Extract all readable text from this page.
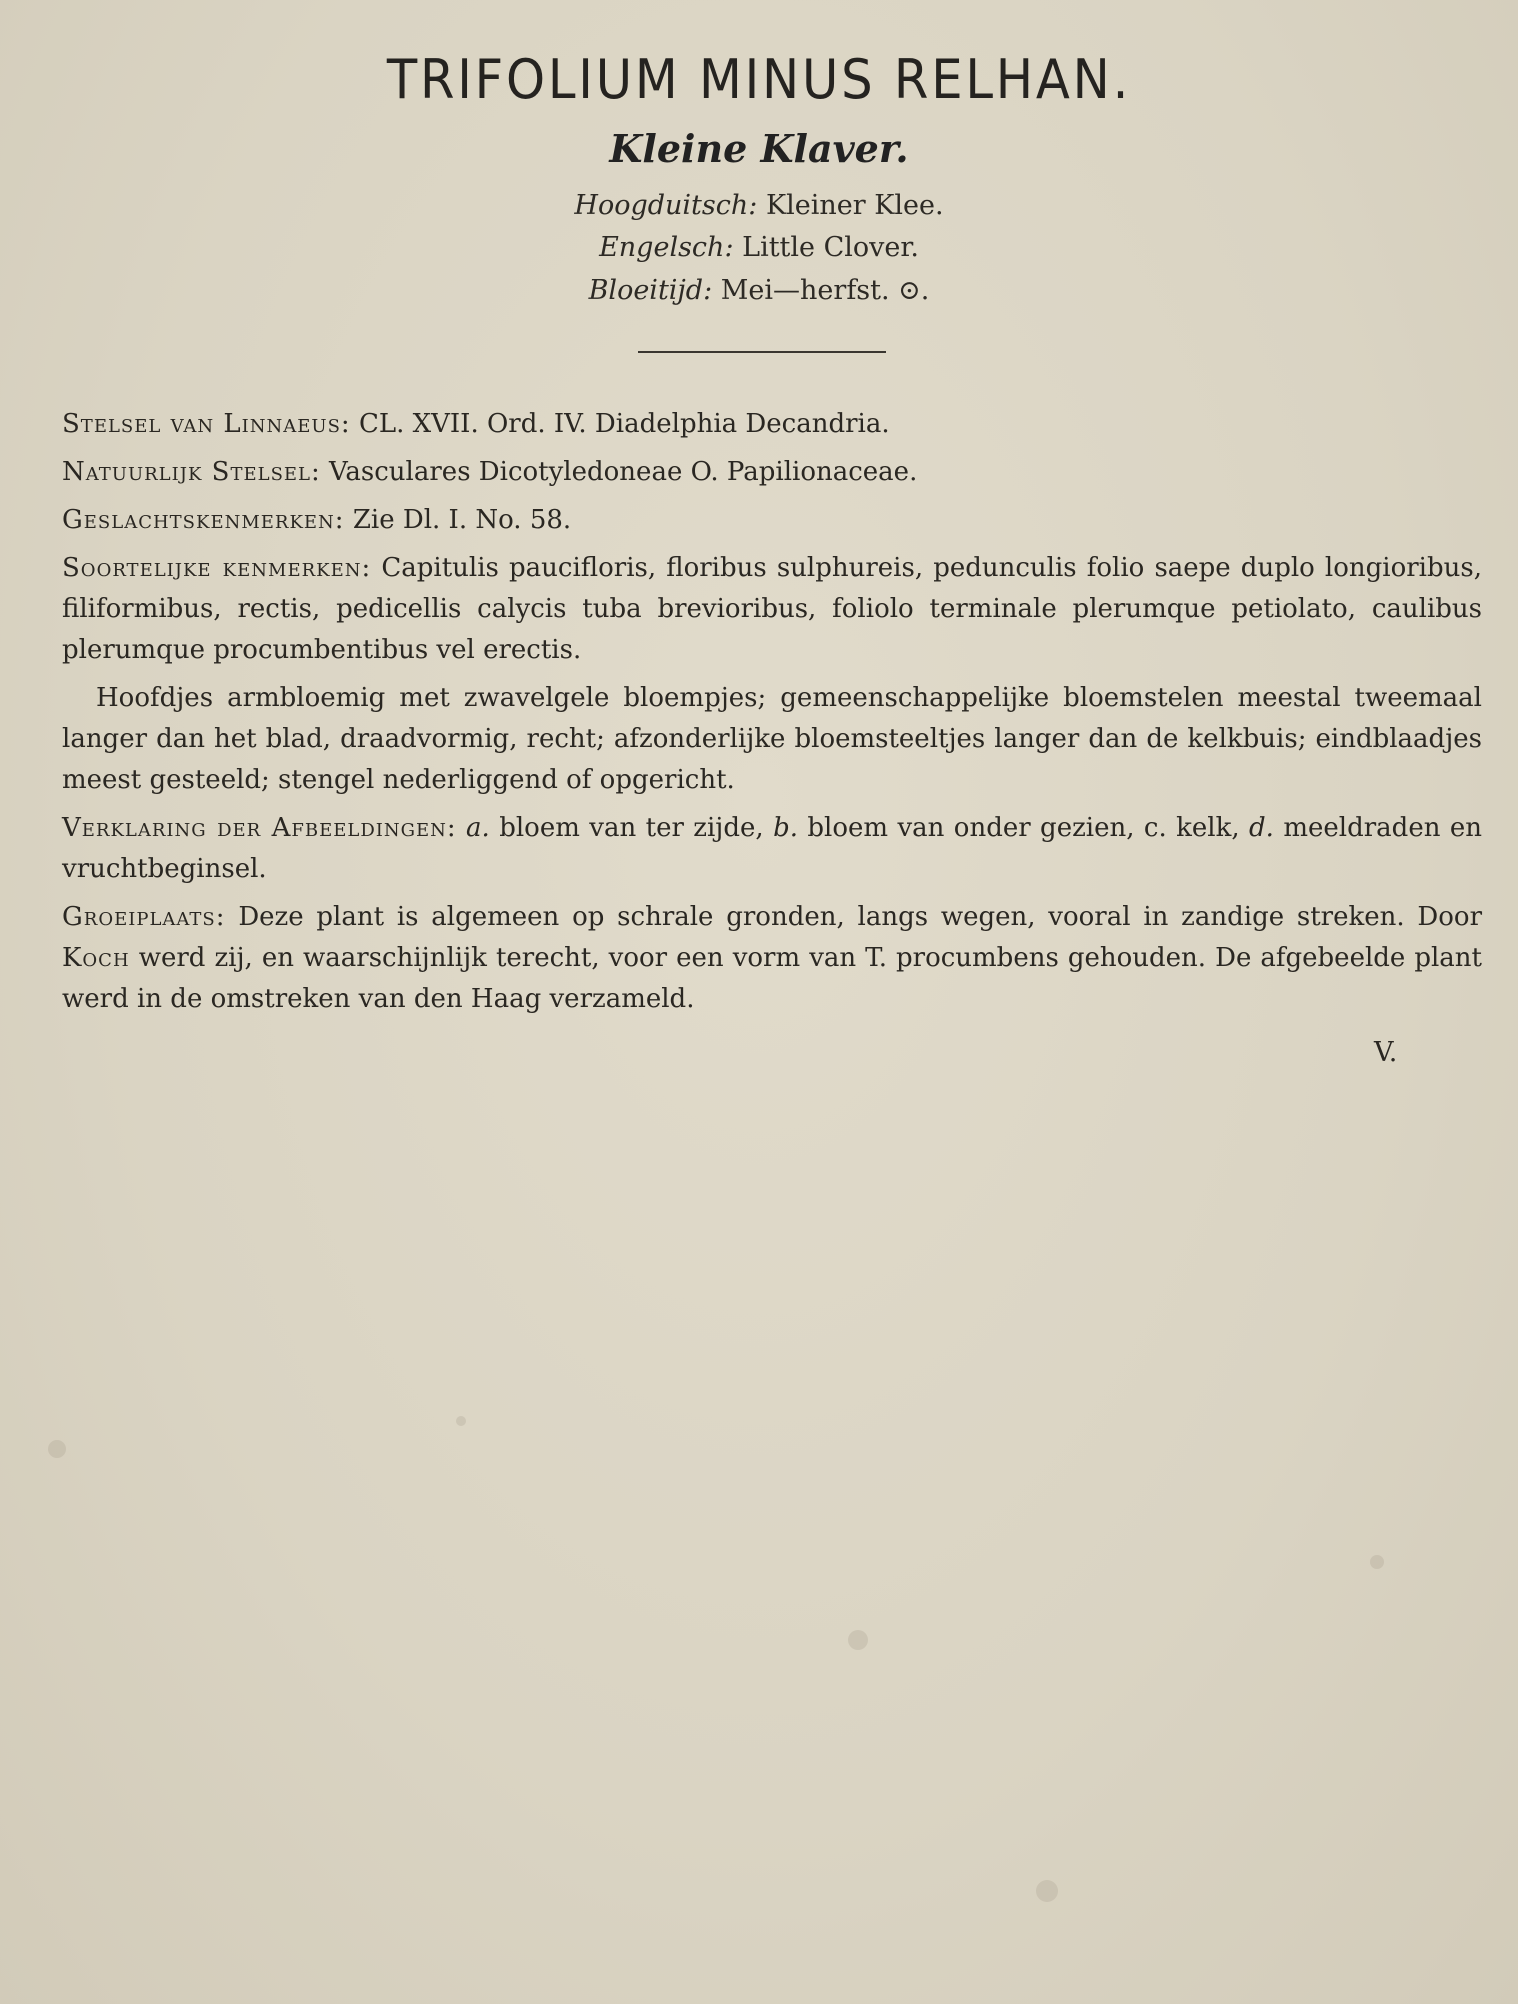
TRIFOLIUM MINUS RELHAN.
Kleine Klaver.
Hoogduitsch: Kleiner Klee.
Engelsch: Little Clover.
Bloeitijd: Mei—herfst. ⊙.

Stelsel van Linnaeus: CL. XVII. Ord. IV. Diadelphia Decandria.

Natuurlijk Stelsel: Vasculares Dicotyledoneae O. Papilionaceae.

Geslachtskenmerken: Zie Dl. I. No. 58.

Soortelijke kenmerken: Capitulis paucifloris, floribus sulphureis, pedunculis folio saepe duplo longioribus, filiformibus, rectis, pedicellis calycis tuba brevioribus, foliolo terminale plerumque petiolato, caulibus plerumque procumbentibus vel erectis.

Hoofdjes armbloemig met zwavelgele bloempjes; gemeenschappelijke bloemstelen meestal tweemaal langer dan het blad, draadvormig, recht; afzonderlijke bloemsteeltjes langer dan de kelkbuis; eindblaadjes meest gesteeld; stengel nederliggend of opgericht.

Verklaring der Afbeeldingen: a. bloem van ter zijde, b. bloem van onder gezien, c. kelk, d. meeldraden en vruchtbeginsel.

Groeiplaats: Deze plant is algemeen op schrale gronden, langs wegen, vooral in zandige streken. Door Koch werd zij, en waarschijnlijk terecht, voor een vorm van T. procumbens gehouden. De afgebeelde plant werd in de omstreken van den Haag verzameld.

V.
